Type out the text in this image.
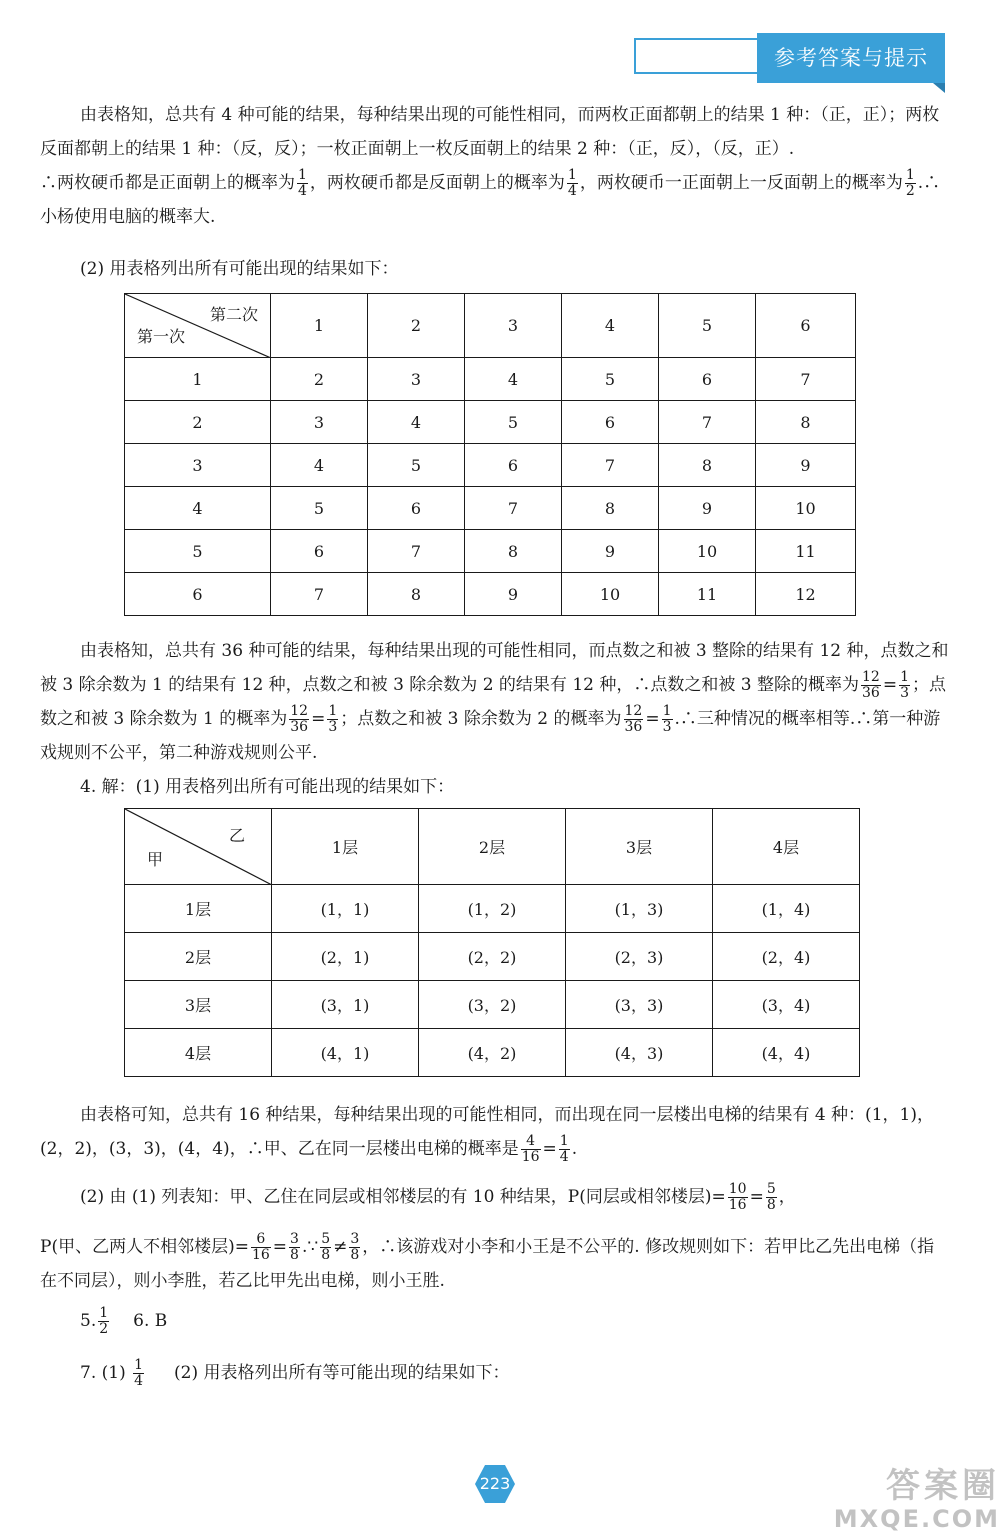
参考答案与提示
由表格知，总共有 4 种可能的结果，每种结果出现的可能性相同，而两枚正面都朝上的结果 1 种：（正，正）；两枚反面都朝上的结果 1 种：（反，反）；一枚正面朝上一枚反面朝上的结果 2 种：（正，反），（反，正）.
∴两枚硬币都是正面朝上的概率为 $\frac{1}{4}$ ，两枚硬币都是反面朝上的概率为 $\frac{1}{4}$ ，两枚硬币一正面朝上一反面朝上的概率为 $\frac{1}{2}$ .∴小杨使用电脑的概率大.
(2) 用表格列出所有可能出现的结果如下：
第二次
第一次	1	2	3	4	5	6
1	2	3	4	5	6	7
2	3	4	5	6	7	8
3	4	5	6	7	8	9
4	5	6	7	8	9	10
5	6	7	8	9	10	11
6	7	8	9	10	11	12
由表格知，总共有 36 种可能的结果，每种结果出现的可能性相同，而点数之和被 3 整除的结果有 12 种，点数之和被 3 除余数为 1 的结果有 12 种，点数之和被 3 除余数为 2 的结果有 12 种，∴点数之和被 3 整除的概率为 $\frac{12}{36} = \frac{1}{3}$ ；点数之和被 3 除余数为 1 的概率为 $\frac{12}{36} = \frac{1}{3}$ ；点数之和被 3 除余数为 2 的概率为 $\frac{12}{36} = \frac{1}{3}$ .∴三种情况的概率相等.∴第一种游戏规则不公平，第二种游戏规则公平.
4. 解：(1) 用表格列出所有可能出现的结果如下：
乙
甲	1层	2层	3层	4层
1层	(1，1)	(1，2)	(1，3)	(1，4)
2层	(2，1)	(2，2)	(2，3)	(2，4)
3层	(3，1)	(3，2)	(3，3)	(3，4)
4层	(4，1)	(4，2)	(4，3)	(4，4)
由表格可知，总共有 16 种结果，每种结果出现的可能性相同，而出现在同一层楼出电梯的结果有 4 种：(1，1)，(2，2)，(3，3)，(4，4)，∴甲、乙在同一层楼出电梯的概率是 $\frac{4}{16} = \frac{1}{4}$ .
(2) 由 (1) 列表知：甲、乙住在同层或相邻楼层的有 10 种结果，P(同层或相邻楼层)= $\frac{10}{16} = \frac{5}{8}$ ，
P(甲、乙两人不相邻楼层)= $\frac{6}{16} = \frac{3}{8}$ .∵ $\frac{5}{8} \ne \frac{3}{8}$ ，∴该游戏对小李和小王是不公平的. 修改规则如下：若甲比乙先出电梯（指在不同层），则小李胜，若乙比甲先出电梯，则小王胜.
5. $\frac{1}{2} 6$. B
7. $(1) \frac{1}{4} (2)$ 用表格列出所有等可能出现的结果如下：
223	答案圈
MXQE.COM
